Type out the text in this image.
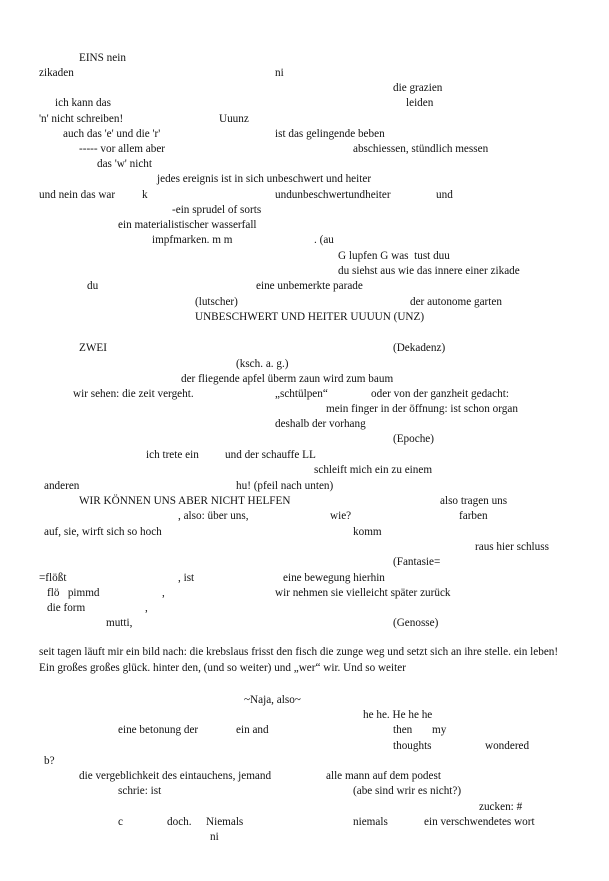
EINS nein
zikaden	ni
die grazien
ich kann das	leiden
'n' nicht schreiben!	Uuunz
auch das 'e' und die 'r'	ist das gelingende beben
----- vor allem aber	abschiessen, stündlich messen
das 'w' nicht
jedes ereignis ist in sich unbeschwert und heiter
und nein das war k	undunbeschwertundheiter	und
-ein sprudel of sorts
ein materialistischer wasserfall
impfmarken. m m	. (au
G lupfen G was  tust duu
du siehst aus wie das innere einer zikade
du	eine unbemerkte parade
(lutscher)	der autonome garten
UNBESCHWERT UND HEITER UUUUN (UNZ)
ZWEI	(Dekadenz)
(ksch. a. g.)
der fliegende apfel überm zaun wird zum baum
wir sehen: die zeit vergeht.	„schtülpen“	oder von der ganzheit gedacht:
mein finger in der öffnung: ist schon organ
deshalb der vorhang
(Epoche)
ich trete ein und der schauffe LL
schleift mich ein zu einem
anderen	hu! (pfeil nach unten)
WIR KÖNNEN UNS ABER NICHT HELFEN	also tragen uns
, also: über uns,	wie?	farben
auf, sie, wirft sich so hoch	komm
raus hier schluss
(Fantasie=
=flößt	, ist	eine bewegung hierhin
flö   pimmd	,	wir nehmen sie vielleicht später zurück
die form	,
mutti,	(Genosse)
seit tagen läuft mir ein bild nach: die krebslaus frisst den fisch die zunge weg und setzt sich an ihre stelle. ein leben! Ein großes großes glück. hinter den, (und so weiter) und „wer“ wir. Und so weiter
~Naja, also~
he he. He he he
eine betonung der	ein and	then my
thoughts	wondered
b?
die vergeblichkeit des eintauchens, jemand	alle mann auf dem podest
schrie: ist	(abe sind wrir es nicht?)
zucken: #
c	doch. Niemals	niemals	ein verschwendetes wort
ni
